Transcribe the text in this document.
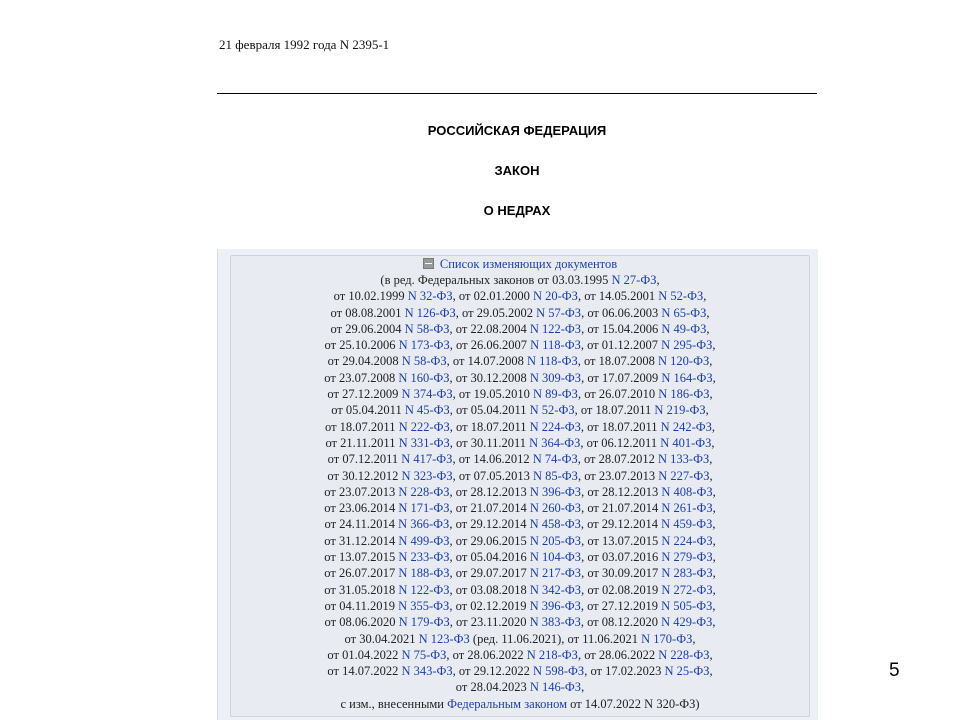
21 февраля 1992 года N 2395-1
РОССИЙСКАЯ ФЕДЕРАЦИЯ
ЗАКОН
О НЕДРАХ
Список изменяющих документов
(в ред. Федеральных законов от 03.03.1995 N 27-ФЗ,
от 10.02.1999 N 32-ФЗ, от 02.01.2000 N 20-ФЗ, от 14.05.2001 N 52-ФЗ,
от 08.08.2001 N 126-ФЗ, от 29.05.2002 N 57-ФЗ, от 06.06.2003 N 65-ФЗ,
от 29.06.2004 N 58-ФЗ, от 22.08.2004 N 122-ФЗ, от 15.04.2006 N 49-ФЗ,
от 25.10.2006 N 173-ФЗ, от 26.06.2007 N 118-ФЗ, от 01.12.2007 N 295-ФЗ,
от 29.04.2008 N 58-ФЗ, от 14.07.2008 N 118-ФЗ, от 18.07.2008 N 120-ФЗ,
от 23.07.2008 N 160-ФЗ, от 30.12.2008 N 309-ФЗ, от 17.07.2009 N 164-ФЗ,
от 27.12.2009 N 374-ФЗ, от 19.05.2010 N 89-ФЗ, от 26.07.2010 N 186-ФЗ,
от 05.04.2011 N 45-ФЗ, от 05.04.2011 N 52-ФЗ, от 18.07.2011 N 219-ФЗ,
от 18.07.2011 N 222-ФЗ, от 18.07.2011 N 224-ФЗ, от 18.07.2011 N 242-ФЗ,
от 21.11.2011 N 331-ФЗ, от 30.11.2011 N 364-ФЗ, от 06.12.2011 N 401-ФЗ,
от 07.12.2011 N 417-ФЗ, от 14.06.2012 N 74-ФЗ, от 28.07.2012 N 133-ФЗ,
от 30.12.2012 N 323-ФЗ, от 07.05.2013 N 85-ФЗ, от 23.07.2013 N 227-ФЗ,
от 23.07.2013 N 228-ФЗ, от 28.12.2013 N 396-ФЗ, от 28.12.2013 N 408-ФЗ,
от 23.06.2014 N 171-ФЗ, от 21.07.2014 N 260-ФЗ, от 21.07.2014 N 261-ФЗ,
от 24.11.2014 N 366-ФЗ, от 29.12.2014 N 458-ФЗ, от 29.12.2014 N 459-ФЗ,
от 31.12.2014 N 499-ФЗ, от 29.06.2015 N 205-ФЗ, от 13.07.2015 N 224-ФЗ,
от 13.07.2015 N 233-ФЗ, от 05.04.2016 N 104-ФЗ, от 03.07.2016 N 279-ФЗ,
от 26.07.2017 N 188-ФЗ, от 29.07.2017 N 217-ФЗ, от 30.09.2017 N 283-ФЗ,
от 31.05.2018 N 122-ФЗ, от 03.08.2018 N 342-ФЗ, от 02.08.2019 N 272-ФЗ,
от 04.11.2019 N 355-ФЗ, от 02.12.2019 N 396-ФЗ, от 27.12.2019 N 505-ФЗ,
от 08.06.2020 N 179-ФЗ, от 23.11.2020 N 383-ФЗ, от 08.12.2020 N 429-ФЗ,
от 30.04.2021 N 123-ФЗ (ред. 11.06.2021), от 11.06.2021 N 170-ФЗ,
от 01.04.2022 N 75-ФЗ, от 28.06.2022 N 218-ФЗ, от 28.06.2022 N 228-ФЗ,
от 14.07.2022 N 343-ФЗ, от 29.12.2022 N 598-ФЗ, от 17.02.2023 N 25-ФЗ,
от 28.04.2023 N 146-ФЗ,
с изм., внесенными Федеральным законом от 14.07.2022 N 320-ФЗ)
5
